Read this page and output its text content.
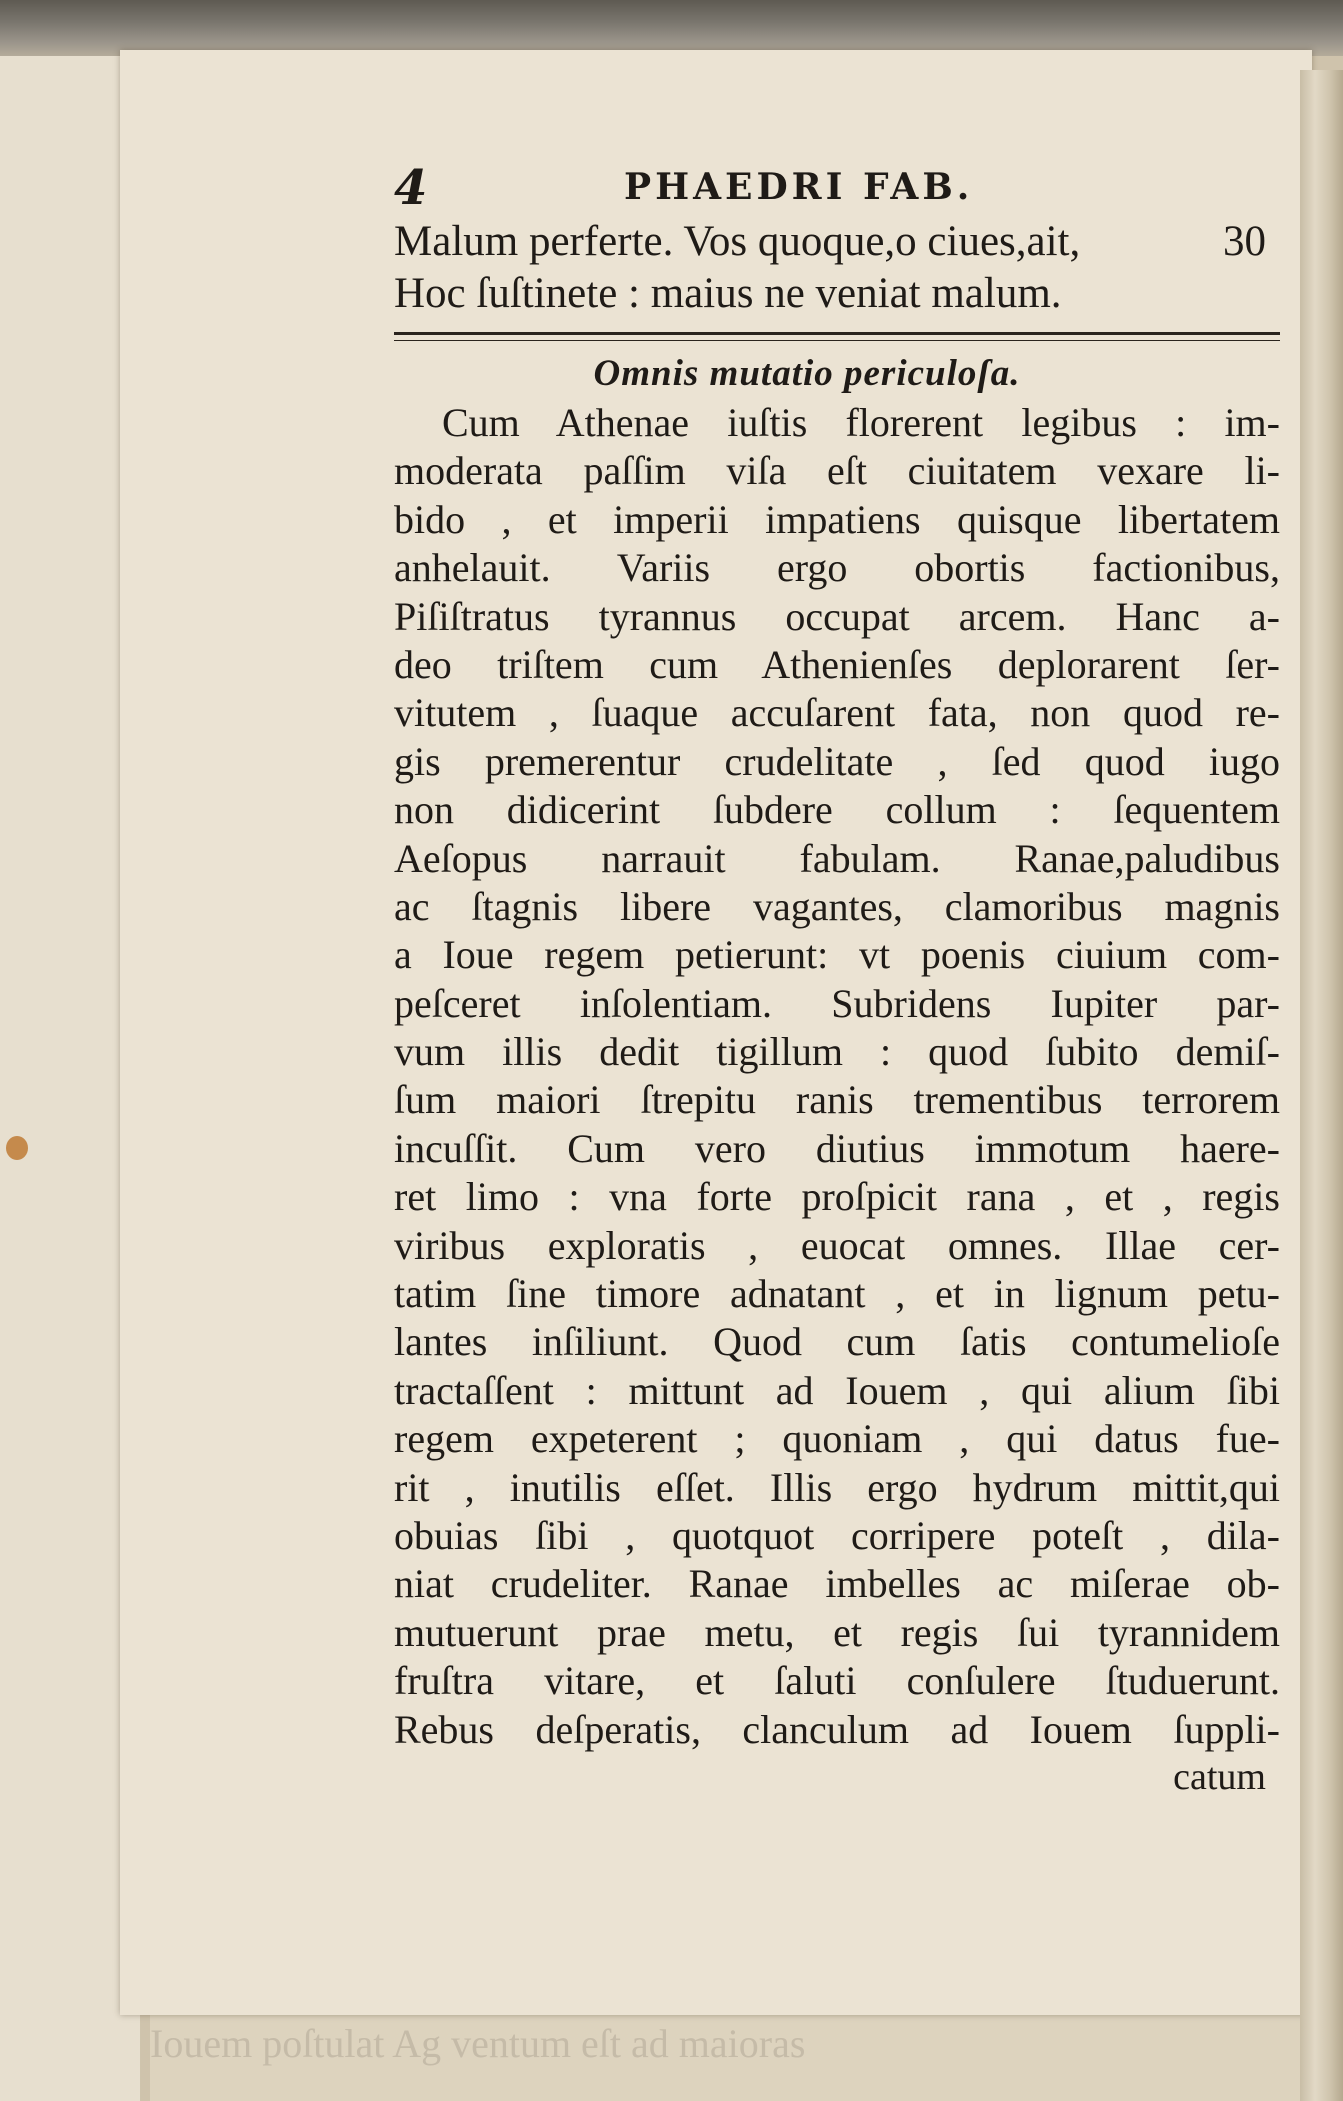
Iouem poſtulat Ag ventum eſt ad maioras
4	PHAEDRI FAB.
Malum perferte. Vos quoque,o ciues,ait,	30
Hoc ſuſtinete : maius ne veniat malum.
Omnis mutatio periculoſa.
Cum Athenae iuſtis florerent legibus : im-
moderata paſſim viſa eſt ciuitatem vexare li-
bido , et imperii impatiens quisque libertatem
anhelauit. Variis ergo obortis factionibus,
Piſiſtratus tyrannus occupat arcem. Hanc a-
deo triſtem cum Athenienſes deplorarent ſer-
vitutem , ſuaque accuſarent fata, non quod re-
gis premerentur crudelitate , ſed quod iugo
non didicerint ſubdere collum : ſequentem
Aeſopus narrauit fabulam. Ranae,paludibus
ac ſtagnis libere vagantes, clamoribus magnis
a Ioue regem petierunt: vt poenis ciuium com-
peſceret inſolentiam. Subridens Iupiter par-
vum illis dedit tigillum : quod ſubito demiſ-
ſum maiori ſtrepitu ranis trementibus terrorem
incuſſit. Cum vero diutius immotum haere-
ret limo : vna forte proſpicit rana , et , regis
viribus exploratis , euocat omnes. Illae cer-
tatim ſine timore adnatant , et in lignum petu-
lantes inſiliunt. Quod cum ſatis contumelioſe
tractaſſent : mittunt ad Iouem , qui alium ſibi
regem expeterent ; quoniam , qui datus fue-
rit , inutilis eſſet. Illis ergo hydrum mittit,qui
obuias ſibi , quotquot corripere poteſt , dila-
niat crudeliter. Ranae imbelles ac miſerae ob-
mutuerunt prae metu, et regis ſui tyrannidem
fruſtra vitare, et ſaluti conſulere ſtuduerunt.
Rebus deſperatis, clanculum ad Iouem ſuppli-
catum
